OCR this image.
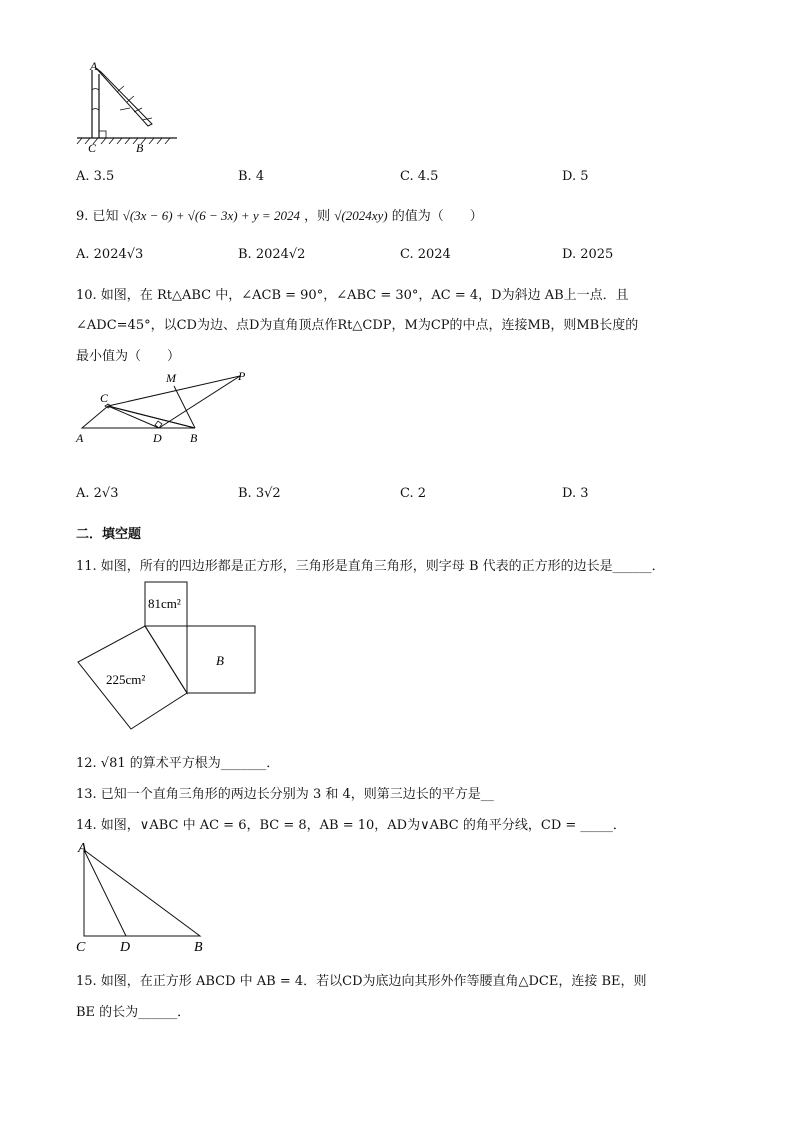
A
C	B
A. 3.5	B. 4	C. 4.5	D. 5
9. 已知 √(3x − 6) + √(6 − 3x) + y = 2024 ，则 √(2024xy) 的值为（　　）
A. 2024√3	B. 2024√2	C. 2024	D. 2025
10. 如图，在 Rt△ABC 中，∠ACB = 90°，∠ABC = 30°，AC = 4，D为斜边 AB上一点．且
∠ADC=45°，以CD为边、点D为直角顶点作Rt△CDP，M为CP的中点，连接MB，则MB长度的
最小值为（　　）
C
M	P
A	D B
A. 2√3	B. 3√2	C. 2	D. 3
二．填空题
11. 如图，所有的四边形都是正方形，三角形是直角三角形，则字母 B 代表的正方形的边长是______．
81cm²
225cm²
B
12. √81 的算术平方根为_______．
13. 已知一个直角三角形的两边长分别为 3 和 4，则第三边长的平方是__
14. 如图，∨ABC 中 AC = 6，BC = 8，AB = 10，AD为∨ABC 的角平分线，CD = _____．
A
C D	B
15. 如图，在正方形 ABCD 中 AB = 4．若以CD为底边向其形外作等腰直角△DCE，连接 BE，则
BE 的长为______．
